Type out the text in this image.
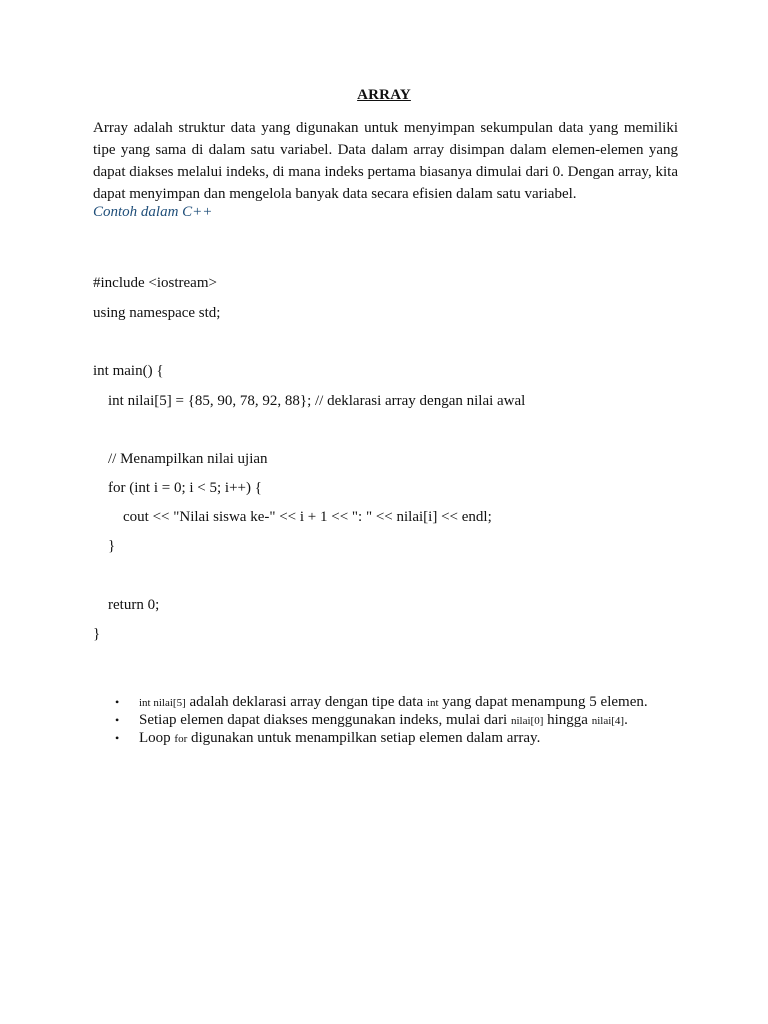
ARRAY

Array adalah struktur data yang digunakan untuk menyimpan sekumpulan data yang memiliki tipe yang sama di dalam satu variabel. Data dalam array disimpan dalam elemen-elemen yang dapat diakses melalui indeks, di mana indeks pertama biasanya dimulai dari 0. Dengan array, kita dapat menyimpan dan mengelola banyak data secara efisien dalam satu variabel.

Contoh dalam C++
#include <iostream>
using namespace std;
int main() {
int nilai[5] = {85, 90, 78, 92, 88}; // deklarasi array dengan nilai awal
// Menampilkan nilai ujian
for (int i = 0; i < 5; i++) {
cout << "Nilai siswa ke-" << i + 1 << ": " << nilai[i] << endl;
}
return 0;
}
• int nilai[5] adalah deklarasi array dengan tipe data int yang dapat menampung 5 elemen.
• Setiap elemen dapat diakses menggunakan indeks, mulai dari nilai[0] hingga nilai[4].
• Loop for digunakan untuk menampilkan setiap elemen dalam array.
